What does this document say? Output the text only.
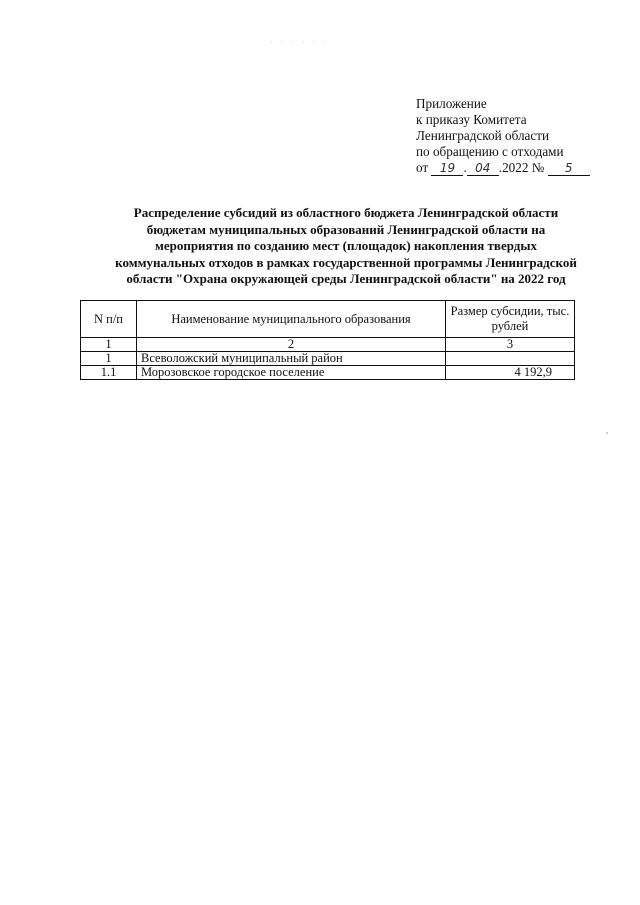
· · · · · ·
Приложение
к приказу Комитета
Ленинградской области
по обращению с отходами
от 19 . 04 .2022 № 5
Распределение субсидий из областного бюджета Ленинградской области
бюджетам муниципальных образований Ленинградской области на
мероприятия по созданию мест (площадок) накопления твердых
коммунальных отходов в рамках государственной программы Ленинградской
области "Охрана окружающей среды Ленинградской области" на 2022 год
N п/п	Наименование муниципального образования	Размер субсидии, тыс. рублей
1	2	3
1	Всеволожский муниципальный район	
1.1	Морозовское городское поселение	4 192,9
